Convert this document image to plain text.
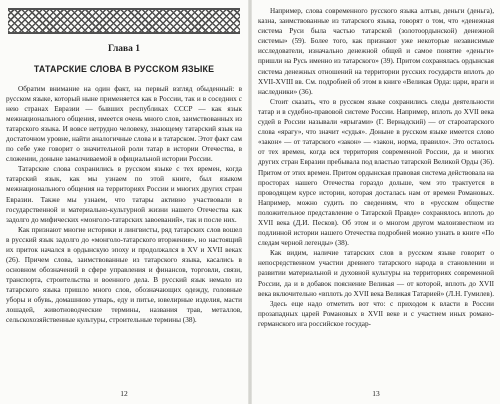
Глава 1
ТАТАРСКИЕ СЛОВА В РУССКОМ ЯЗЫКЕ

Обратим внимание на один факт, на первый взгляд обыденный: в русском языке, который ныне применяется как в России, так и в соседних с нею странах Евразии — бывших республиках СССР — как язык межнационального общения, имеется очень много слов, заимствованных из татарского языка. И вовсе нетрудно человеку, знающему татарский язык на достаточном уровне, найти аналогичные слова и в татарском. Этот факт сам по себе уже говорит о значительной роли татар в истории Отечества, в сложении, доныне замалчиваемой в официальной истории России.

Татарские слова сохранились в русском языке с тех времен, когда татарский язык, как мы узнаем по этой книге, был языком межнационального общения на территориях России и многих других стран Евразии. Также мы узнаем, что татары активно участвовали в государственной и материально-культурной жизни нашего Отечества как задолго до мифических «монголо-татарских завоеваний», так и после них.

Как признают многие историки и лингвисты, ряд татарских слов вошел в русский язык задолго до «монголо-татарского вторжения», но настоящий их приток начался в ордынскую эпоху и продолжался в XV и XVII веках (26). Причем слова, заимствованные из татарского языка, касались в основном обозначений в сфере управления и финансов, торговли, связи, транспорта, строительства и военного дела. В русский язык немало из татарского языка пришло много слов, обозначающих одежду, головные уборы и обувь, домашнюю утварь, еду и питье, ювелирные изделия, масти лошадей, животноводческие термины, названия трав, металлов, сельскохозяйственные культуры, строительные термины (38).

12

Например, слова современного русского языка алтын, деньги (деньга), казна, заимствованные из татарского языка, говорят о том, что «денежная система Руси была частью татарской (золотоордынской) денежной системы» (59). Более того, как признают уже некоторые независимые исследователи, изначально денежной общей и самое понятие «деньги» пришли на Русь именно из татарского» (39). Притом сохранялась ордынская система денежных отношений на территории русских государств вплоть до XVII-XVIII вв. См. подробней об этом в книге «Великая Орда: цари, враги и наследники» (36).

Стоит сказать, что в русском языке сохранились следы деятельности татар и в судебно-правовой системе России. Например, вплоть до XVII века судей в России называли «ярыгами» (Г. Вернадский) — от староатарского слова «ярагу», что значит «судья». Доныне в русском языке имеется слово «закон» — от татарского «закон» — «закон, норма, правило». Это осталось от тех времен, когда вся территория современной России, да и многих других стран Евразии пребывала под властью татарской Великой Орды (36). Притом от этих времен. Притом ордынская правовая система действовала на просторах нашего Отечества гораздо дольше, чем это трактуется в проводящем курсе истории, которая досталась нам от времен Романовых. Например, можно судить по сведениям, что в «русском обществе положительное представление о Татарской Правде» сохранялось вплоть до XVII века (Д.И. Песков). Об этом и о многом другом малоизвестном из подлинной истории нашего Отечества подробней можно узнать в книге «По следам черной легенды» (38).

Как видим, наличие татарских слов в русском языке говорит о непосредственном участии древнего татарского народа в становлении и развитии материальной и духовной культуры на территориях современной России, да и в добавок пояснение Великая — от которой, вплоть до XVII века включительно «вплоть до XVII века Великая Татарией» (Л.Н. Гумилев).

Здесь еще надо отметить вот что: с приходом к власти в России прозападных царей Романовых в XVII веке и с участием иных романо-германского ига российское государ-

13
